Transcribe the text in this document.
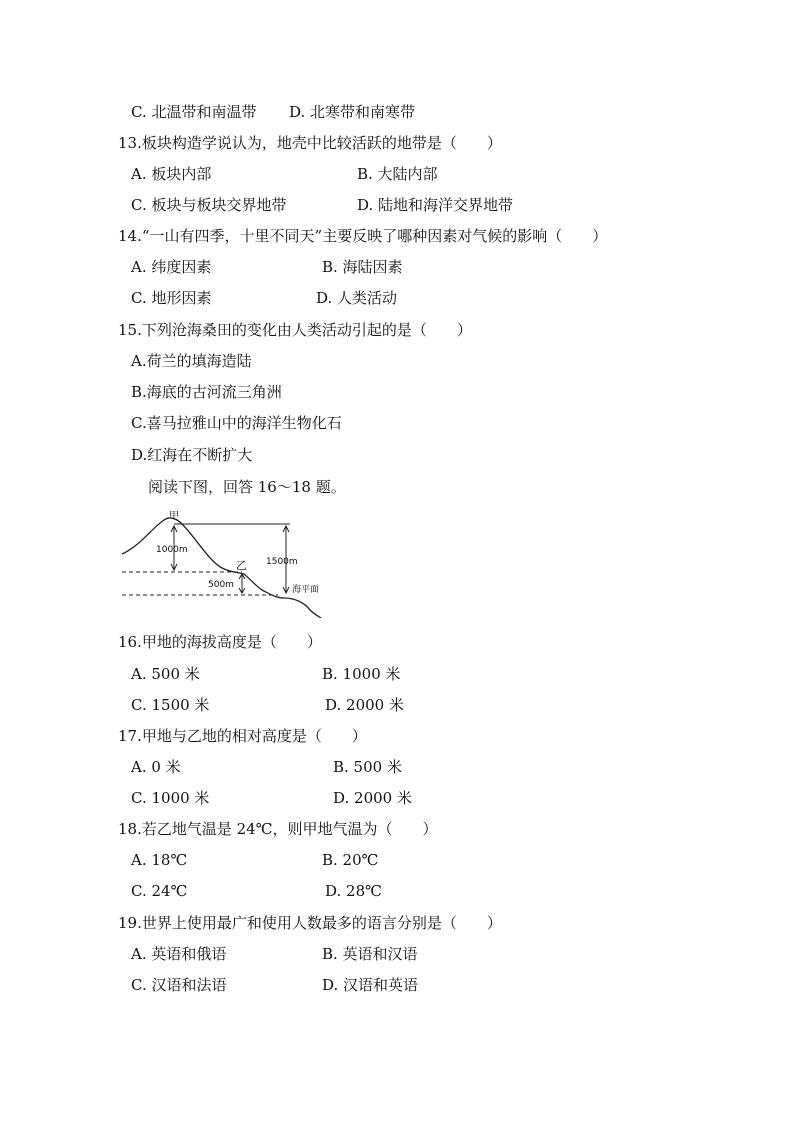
C. 北温带和南温带 D. 北寒带和南寒带
13.板块构造学说认为，地壳中比较活跃的地带是（　　）
A. 板块内部	B. 大陆内部
C. 板块与板块交界地带	D. 陆地和海洋交界地带
14.“一山有四季，十里不同天”主要反映了哪种因素对气候的影响（　　）
A. 纬度因素	B. 海陆因素
C. 地形因素	D. 人类活动
15.下列沧海桑田的变化由人类活动引起的是（　　）
A.荷兰的填海造陆
B.海底的古河流三角洲
C.喜马拉雅山中的海洋生物化石
D.红海在不断扩大
阅读下图，回答 16～18 题。
甲
乙
1000m
1500m
500m	海平面
16.甲地的海拔高度是（　　）
A. 500 米	B. 1000 米
C. 1500 米	D. 2000 米
17.甲地与乙地的相对高度是（　　）
A. 0 米	B. 500 米
C. 1000 米	D. 2000 米
18.若乙地气温是 24℃，则甲地气温为（　　）
A. 18℃	B. 20℃
C. 24℃	D. 28℃
19.世界上使用最广和使用人数最多的语言分别是（　　）
A. 英语和俄语	B. 英语和汉语
C. 汉语和法语	D. 汉语和英语
